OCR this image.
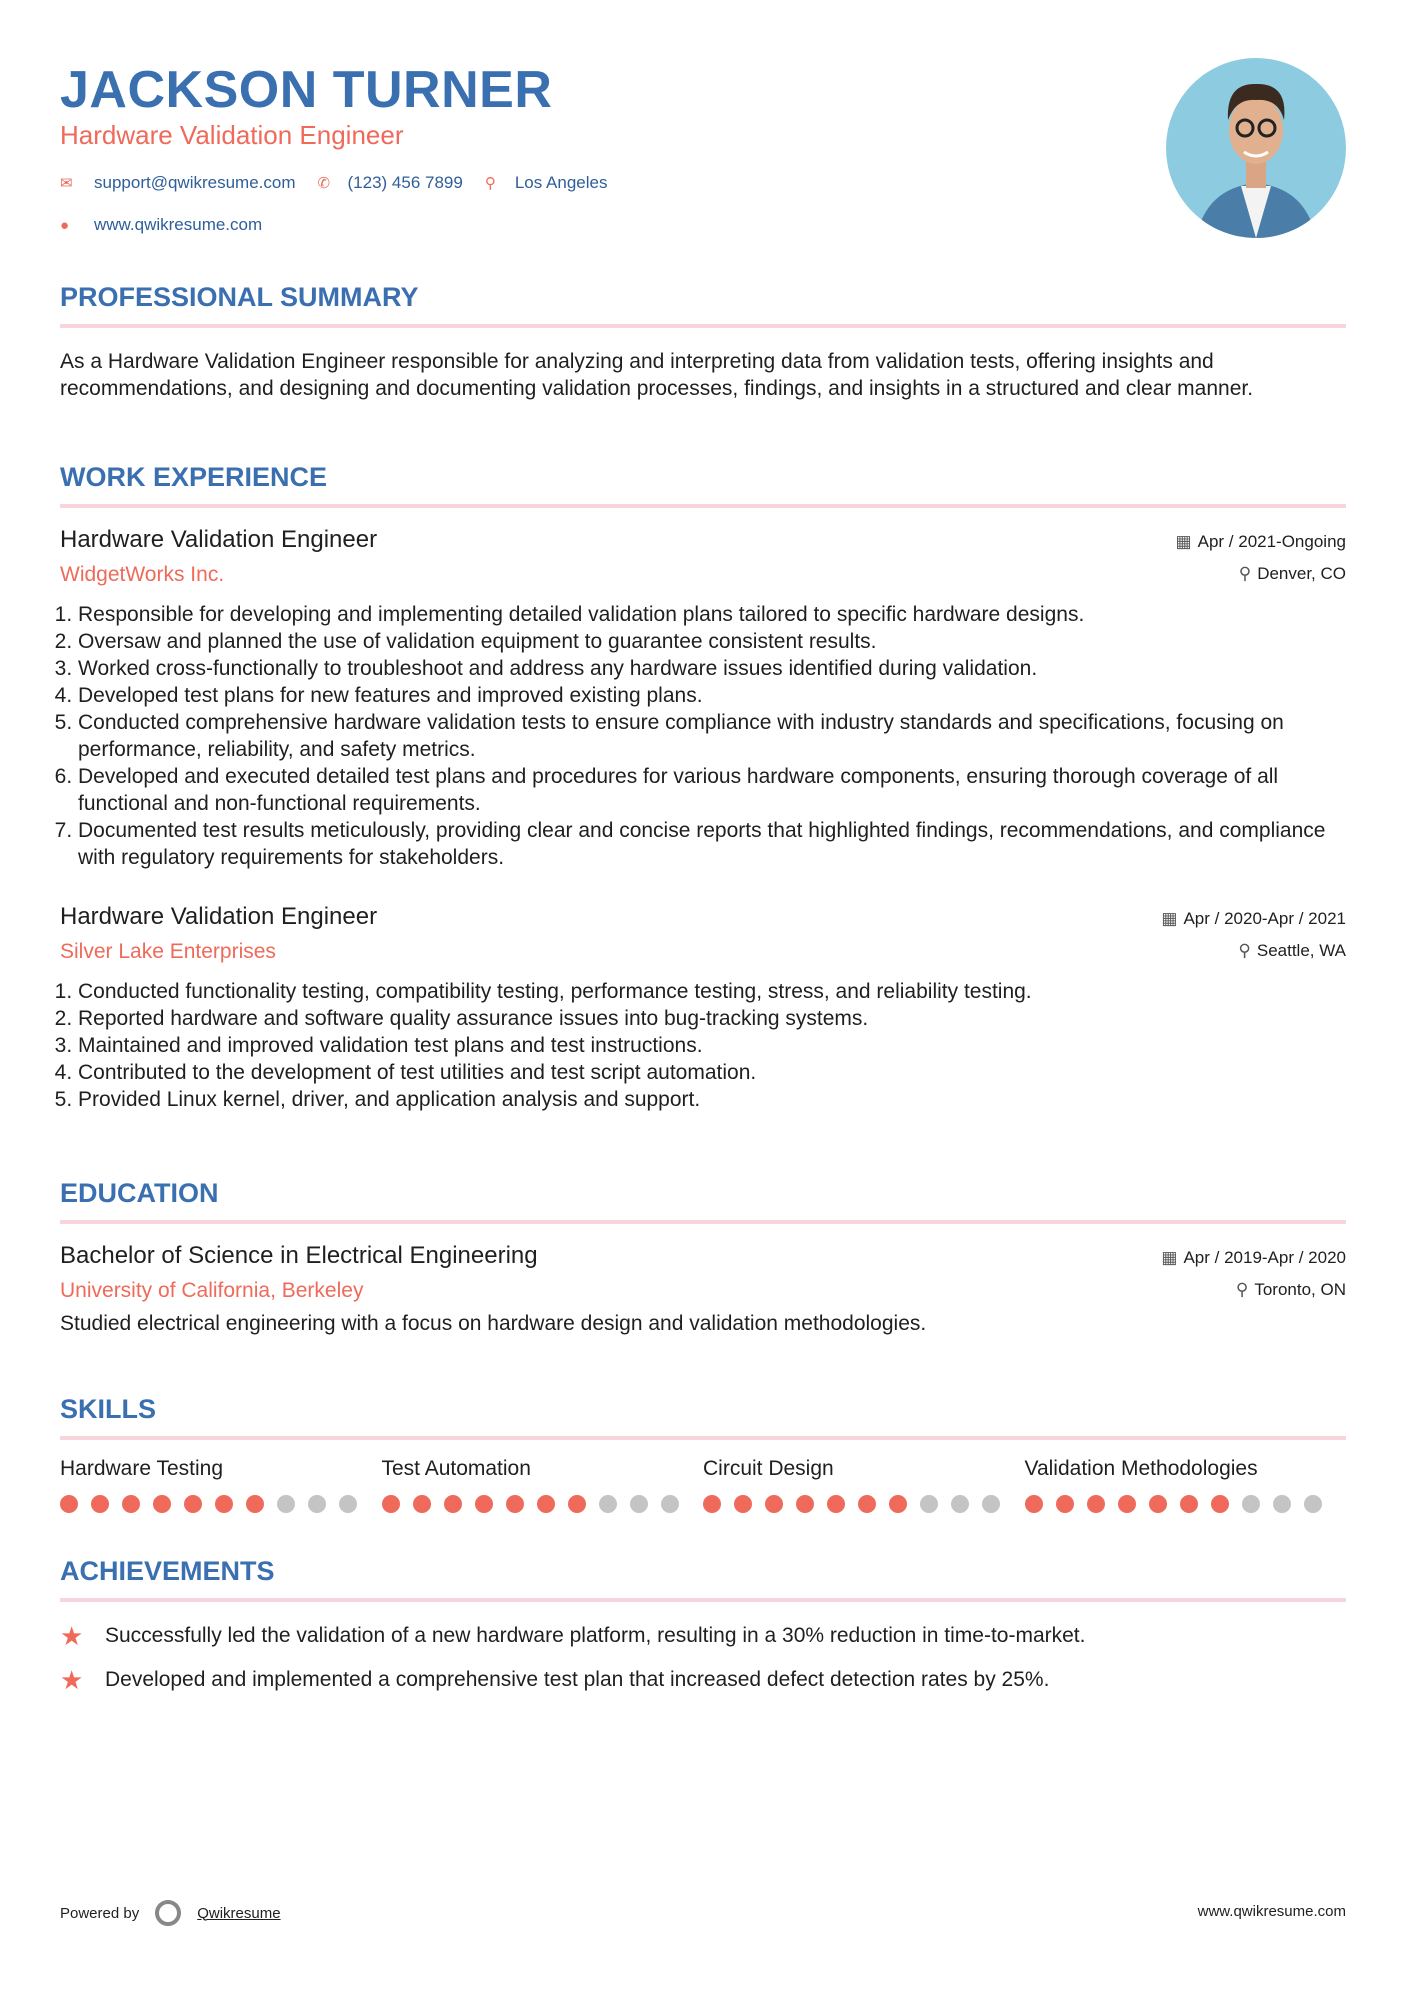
JACKSON TURNER
Hardware Validation Engineer
✉	support@qwikresume.com ✆	(123) 456 7899 ⚲	Los Angeles
●	www.qwikresume.com
PROFESSIONAL SUMMARY

As a Hardware Validation Engineer responsible for analyzing and interpreting data from validation tests, offering insights and recommendations, and designing and documenting validation processes, findings, and insights in a structured and clear manner.

WORK EXPERIENCE
Hardware Validation Engineer
WidgetWorks Inc.
▦ Apr / 2021-Ongoing
⚲ Denver, CO
1. Responsible for developing and implementing detailed validation plans tailored to specific hardware designs.
2. Oversaw and planned the use of validation equipment to guarantee consistent results.
3. Worked cross-functionally to troubleshoot and address any hardware issues identified during validation.
4. Developed test plans for new features and improved existing plans.
5. Conducted comprehensive hardware validation tests to ensure compliance with industry standards and specifications, focusing on performance, reliability, and safety metrics.
6. Developed and executed detailed test plans and procedures for various hardware components, ensuring thorough coverage of all functional and non-functional requirements.
7. Documented test results meticulously, providing clear and concise reports that highlighted findings, recommendations, and compliance with regulatory requirements for stakeholders.
Hardware Validation Engineer
Silver Lake Enterprises
▦ Apr / 2020-Apr / 2021
⚲ Seattle, WA
1. Conducted functionality testing, compatibility testing, performance testing, stress, and reliability testing.
2. Reported hardware and software quality assurance issues into bug-tracking systems.
3. Maintained and improved validation test plans and test instructions.
4. Contributed to the development of test utilities and test script automation.
5. Provided Linux kernel, driver, and application analysis and support.
EDUCATION
Bachelor of Science in Electrical Engineering
University of California, Berkeley
▦ Apr / 2019-Apr / 2020
⚲ Toronto, ON

Studied electrical engineering with a focus on hardware design and validation methodologies.

SKILLS
Hardware Testing	Test Automation	Circuit Design	Validation Methodologies
ACHIEVEMENTS
★	Successfully led the validation of a new hardware platform, resulting in a 30% reduction in time-to-market.
★	Developed and implemented a comprehensive test plan that increased defect detection rates by 25%.
Powered by	Qwikresume	www.qwikresume.com
